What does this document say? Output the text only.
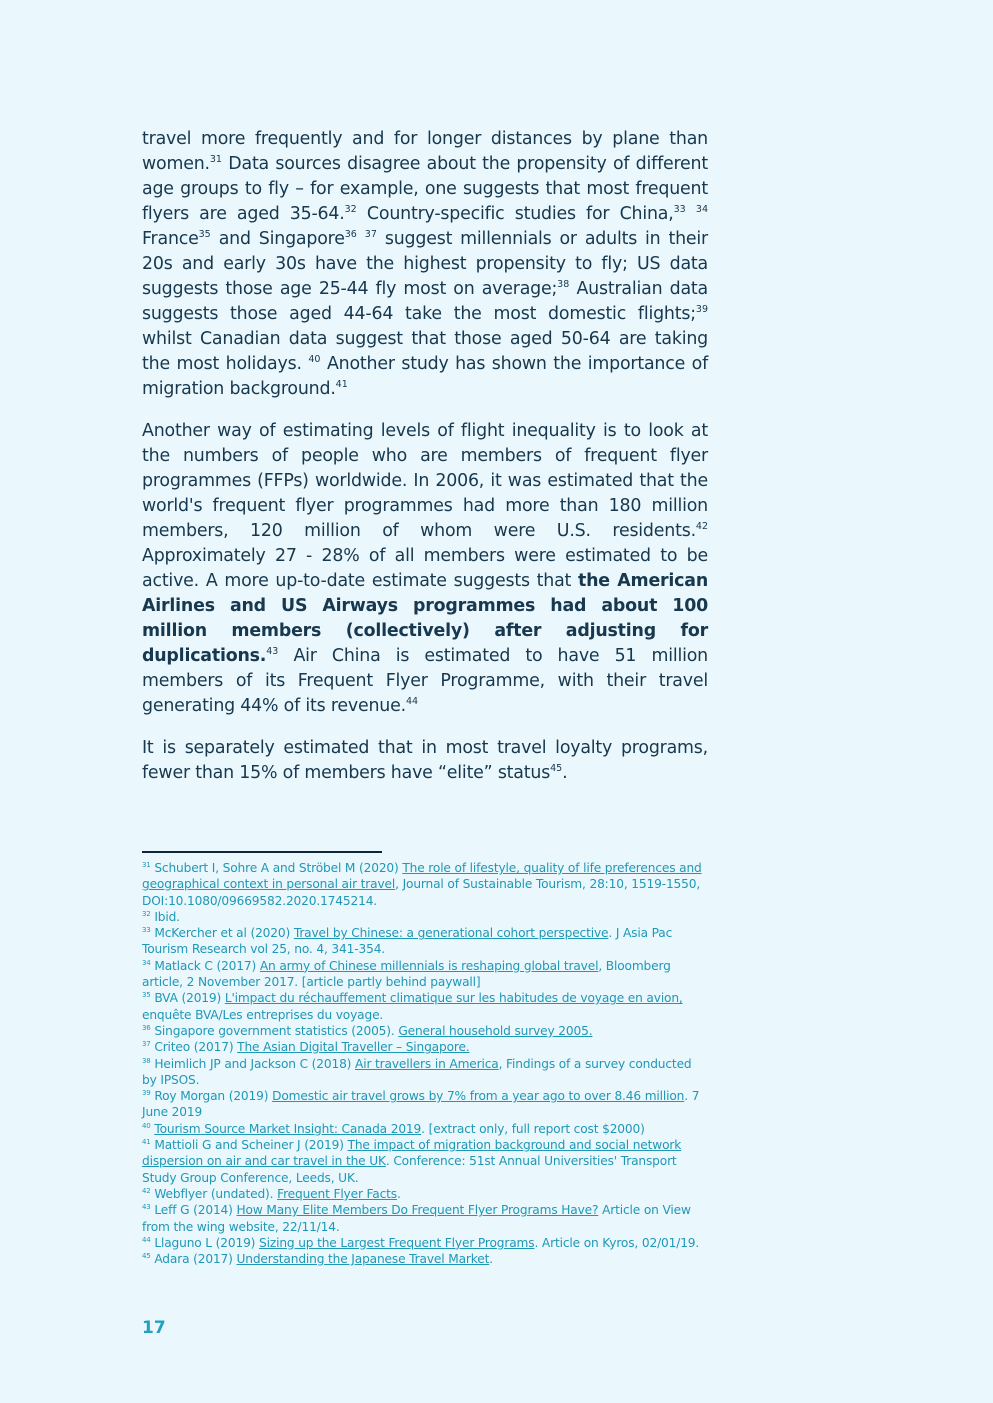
travel more frequently and for longer distances by plane than women.$^{31}$ Data sources disagree about the propensity of different age groups to fly – for example, one suggests that most frequent flyers are aged 35-64.32 Country-specific studies for China,$^{33}$ $^{34}$ France$^{35}$ and Singapore$^{36}$ $^{37}$ suggest millennials or adults in their 20s and early 30s have the highest propensity to fly; US data suggests those age 25-44 fly most on average;$^{38}$ Australian data suggests those aged 44-64 take the most domestic flights;$^{39}$ whilst Canadian data suggest that those aged 50-64 are taking the most holidays. $^{40}$ Another study has shown the importance of migration background.$^{41}$

Another way of estimating levels of flight inequality is to look at the numbers of people who are members of frequent flyer programmes (FFPs) worldwide. In 2006, it was estimated that the world's frequent flyer programmes had more than 180 million members, 120 million of whom were U.S. residents.$^{42}$ Approximately 27 - 28% of all members were estimated to be active. A more up-to-date estimate suggests that the American Airlines and US Airways programmes had about 100 million members (collectively) after adjusting for duplications.$^{43}$ Air China is estimated to have 51 million members of its Frequent Flyer Programme, with their travel generating 44% of its revenue.$^{44}$

It is separately estimated that in most travel loyalty programs, fewer than 15% of members have “elite” status$^{45}$.

$^{31}$ Schubert I, Sohre A and Ströbel M (2020) The role of lifestyle, quality of life preferences and geographical context in personal air travel, Journal of Sustainable Tourism, 28:10, 1519-1550, DOI:10.1080/09669582.2020.1745214.

$^{32}$ Ibid.

$^{33}$ McKercher et al (2020) Travel by Chinese: a generational cohort perspective. J Asia Pac Tourism Research vol 25, no. 4, 341-354.

$^{34}$ Matlack C (2017) An army of Chinese millennials is reshaping global travel, Bloomberg article, 2 November 2017. [article partly behind paywall]

$^{35}$ BVA (2019) L'impact du réchauffement climatique sur les habitudes de voyage en avion, enquête BVA/Les entreprises du voyage.

$^{36}$ Singapore government statistics (2005). General household survey 2005.

$^{37}$ Criteo (2017) The Asian Digital Traveller – Singapore.

$^{38}$ Heimlich JP and Jackson C (2018) Air travellers in America, Findings of a survey conducted by IPSOS.

$^{39}$ Roy Morgan (2019) Domestic air travel grows by 7% from a year ago to over 8.46 million. 7 June 2019

$^{40}$ Tourism Source Market Insight: Canada 2019. [extract only, full report cost $2000)

$^{41}$ Mattioli G and Scheiner J (2019) The impact of migration background and social network dispersion on air and car travel in the UK. Conference: 51st Annual Universities' Transport Study Group Conference, Leeds, UK.

$^{42}$ Webflyer (undated). Frequent Flyer Facts.

$^{43}$ Leff G (2014) How Many Elite Members Do Frequent Flyer Programs Have? Article on View from the wing website, 22/11/14.

$^{44}$ Llaguno L (2019) Sizing up the Largest Frequent Flyer Programs. Article on Kyros, 02/01/19.

$^{45}$ Adara (2017) Understanding the Japanese Travel Market.

17
